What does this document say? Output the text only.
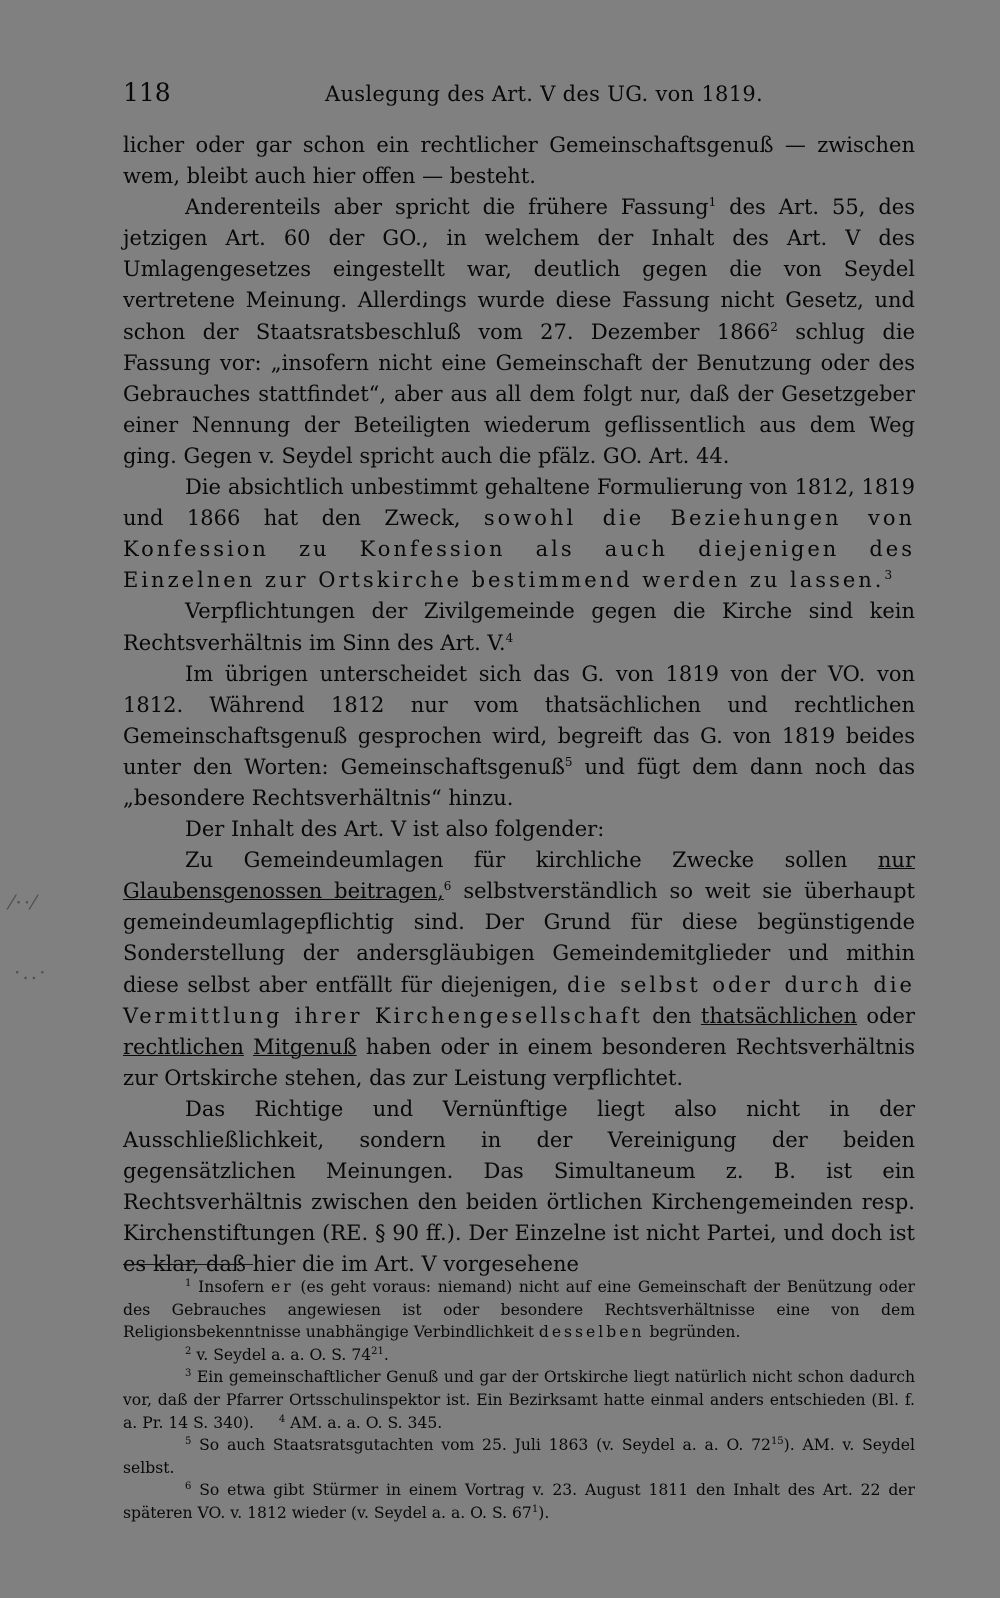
118	Auslegung des Art. V des UG. von 1819.
⁄··⁄
·..·

licher oder gar schon ein rechtlicher Gemeinschaftsgenuß — zwischen wem, bleibt auch hier offen — besteht.

Anderenteils aber spricht die frühere Fassung$^1$ des Art. 55, des jetzigen Art. 60 der GO., in welchem der Inhalt des Art. V des Umlagengesetzes eingestellt war, deutlich gegen die von Seydel vertretene Meinung. Allerdings wurde diese Fassung nicht Gesetz, und schon der Staatsratsbeschluß vom 27. Dezember 1866$^2$ schlug die Fassung vor: „insofern nicht eine Gemeinschaft der Benutzung oder des Gebrauches stattfindet“, aber aus all dem folgt nur, daß der Gesetzgeber einer Nennung der Beteiligten wiederum geflissentlich aus dem Weg ging. Gegen v. Seydel spricht auch die pfälz. GO. Art. 44.

Die absichtlich unbestimmt gehaltene Formulierung von 1812, 1819 und 1866 hat den Zweck, sowohl die Beziehungen von Konfession zu Konfession als auch diejenigen des Einzelnen zur Ortskirche bestimmend werden zu lassen.$^3$

Verpflichtungen der Zivilgemeinde gegen die Kirche sind kein Rechtsverhältnis im Sinn des Art. V.$^4$

Im übrigen unterscheidet sich das G. von 1819 von der VO. von 1812. Während 1812 nur vom thatsächlichen und rechtlichen Gemeinschaftsgenuß gesprochen wird, begreift das G. von 1819 beides unter den Worten: Gemeinschaftsgenuß$^5$ und fügt dem dann noch das „besondere Rechtsverhältnis“ hinzu.

Der Inhalt des Art. V ist also folgender:

Zu Gemeindeumlagen für kirchliche Zwecke sollen nur Glaubensgenossen beitragen,$^6$ selbstverständlich so weit sie überhaupt gemeindeumlagepflichtig sind. Der Grund für diese begünstigende Sonderstellung der andersgläubigen Gemeindemitglieder und mithin diese selbst aber entfällt für diejenigen, die selbst oder durch die Vermittlung ihrer Kirchengesellschaft den thatsächlichen oder rechtlichen Mitgenuß haben oder in einem besonderen Rechtsverhältnis zur Ortskirche stehen, das zur Leistung verpflichtet.

Das Richtige und Vernünftige liegt also nicht in der Ausschließlichkeit, sondern in der Vereinigung der beiden gegensätzlichen Meinungen. Das Simultaneum z. B. ist ein Rechtsverhältnis zwischen den beiden örtlichen Kirchengemeinden resp. Kirchenstiftungen (RE. § 90 ff.). Der Einzelne ist nicht Partei, und doch ist es klar, daß hier die im Art. V vorgesehene

$^1$ Insofern er (es geht voraus: niemand) nicht auf eine Gemeinschaft der Benützung oder des Gebrauches angewiesen ist oder besondere Rechtsverhältnisse eine von dem Religionsbekenntnisse unabhängige Verbindlichkeit desselben begründen.

$^2$ v. Seydel a. a. O. S. $74^{21}$.

$^3$ Ein gemeinschaftlicher Genuß und gar der Ortskirche liegt natürlich nicht schon dadurch vor, daß der Pfarrer Ortsschulinspektor ist. Ein Bezirksamt hatte einmal anders entschieden (Bl. f. a. Pr. 14 S. 340). $^4$ AM. a. a. O. S. 345.

$^5$ So auch Staatsratsgutachten vom 25. Juli 1863 (v. Seydel a. a. O. $72^{15}$). AM. v. Seydel selbst.

$^6$ So etwa gibt Stürmer in einem Vortrag v. 23. August 1811 den Inhalt des Art. 22 der späteren VO. v. 1812 wieder (v. Seydel a. a. O. S. $67^1$).
